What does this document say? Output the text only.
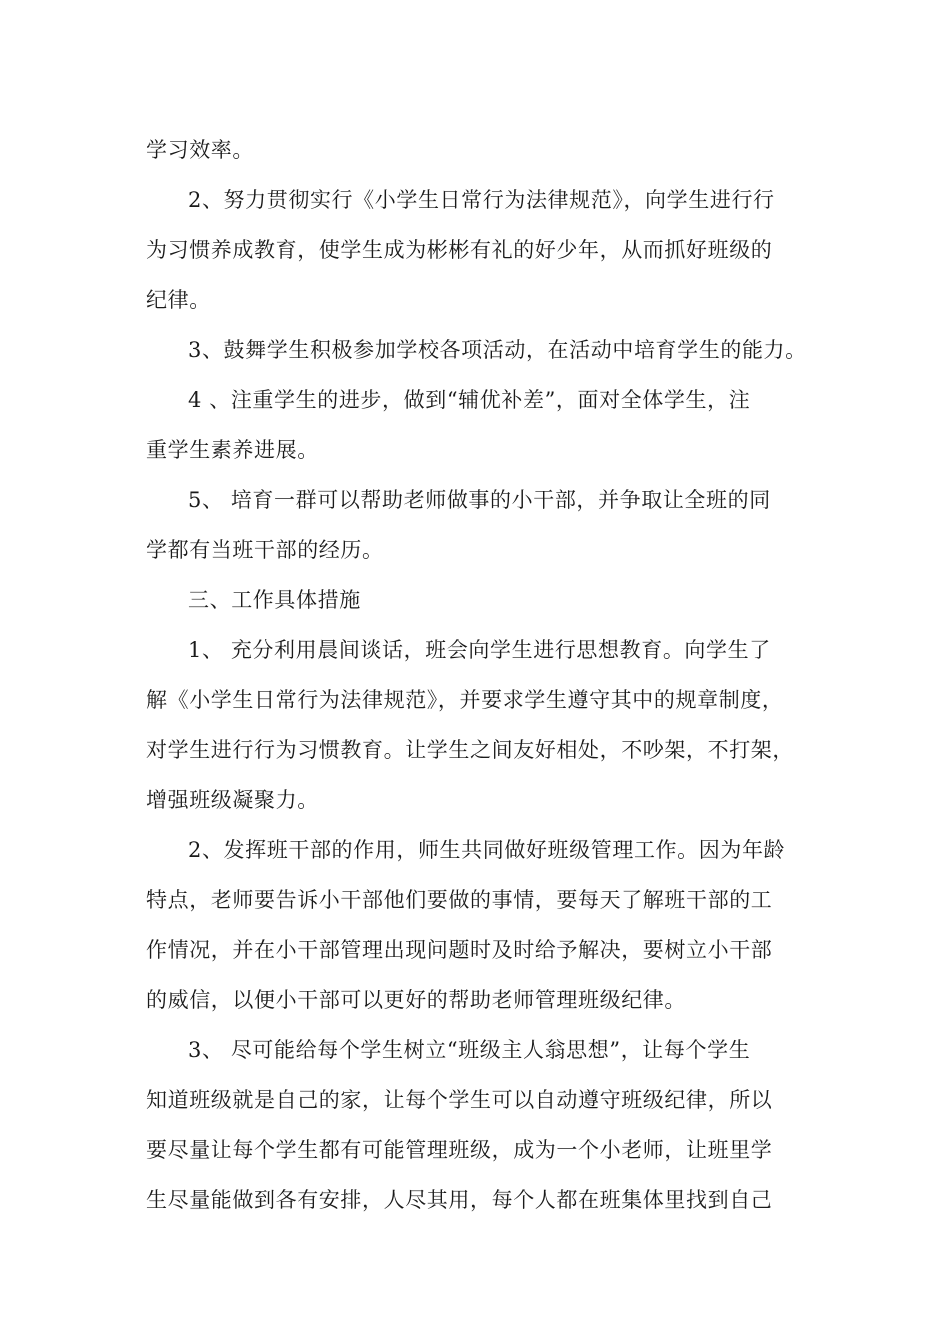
学习效率。
2、努力贯彻实行《小学生日常行为法律规范》，向学生进行行
为习惯养成教育，使学生成为彬彬有礼的好少年，从而抓好班级的
纪律。
3、鼓舞学生积极参加学校各项活动，在活动中培育学生的能力。
4 、注重学生的进步，做到“辅优补差”，面对全体学生，注
重学生素养进展。
5、 培育一群可以帮助老师做事的小干部，并争取让全班的同
学都有当班干部的经历。
三、工作具体措施
1、 充分利用晨间谈话，班会向学生进行思想教育。向学生了
解《小学生日常行为法律规范》，并要求学生遵守其中的规章制度，
对学生进行行为习惯教育。让学生之间友好相处，不吵架，不打架，
增强班级凝聚力。
2、发挥班干部的作用，师生共同做好班级管理工作。因为年龄
特点，老师要告诉小干部他们要做的事情，要每天了解班干部的工
作情况，并在小干部管理出现问题时及时给予解决，要树立小干部
的威信，以便小干部可以更好的帮助老师管理班级纪律。
3、 尽可能给每个学生树立“班级主人翁思想”，让每个学生
知道班级就是自己的家，让每个学生可以自动遵守班级纪律，所以
要尽量让每个学生都有可能管理班级，成为一个小老师，让班里学
生尽量能做到各有安排，人尽其用，每个人都在班集体里找到自己
